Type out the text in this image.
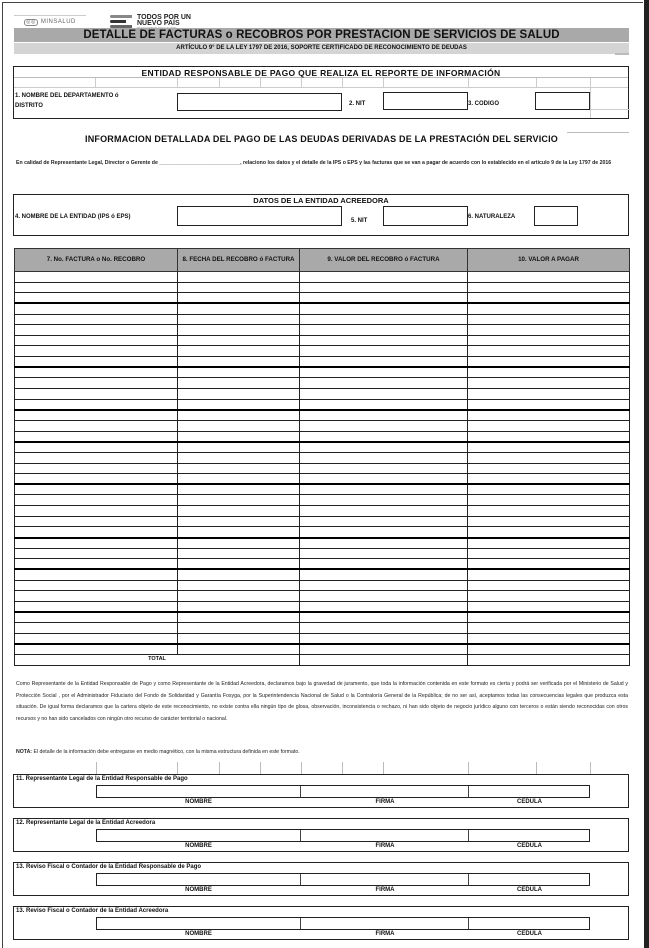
◎◎ MINSALUD
TODOS POR UN
NUEVO PAÍS
DETALLE DE FACTURAS o RECOBROS POR PRESTACION DE SERVICIOS DE SALUD
ARTÍCULO 9° DE LA LEY 1797 DE 2016, SOPORTE CERTIFICADO DE RECONOCIMIENTO DE DEUDAS
ENTIDAD RESPONSABLE DE PAGO QUE REALIZA EL REPORTE DE INFORMACIÓN
1. NOMBRE DEL DEPARTAMENTO ó
DISTRITO	2. NIT	3. CODIGO
INFORMACION DETALLADA DEL PAGO DE LAS DEUDAS DERIVADAS DE LA PRESTACIÓN DEL SERVICIO
En calidad de Representante Legal, Director o Gerente de ____________________________, relaciono los datos y el detalle de la IPS o EPS y las facturas que se van a pagar de acuerdo con lo establecido en el artículo 9 de la Ley 1797 de 2016
DATOS DE LA ENTIDAD ACREEDORA
4. NOMBRE DE LA ENTIDAD (IPS ó EPS)
5. NIT
6. NATURALEZA
7. No. FACTURA o No. RECOBRO	8. FECHA DEL RECOBRO ó FACTURA	9. VALOR DEL RECOBRO ó FACTURA	10. VALOR A PAGAR

TOTAL			
Como Representante de la Entidad Responsable de Pago y como Representante de la Entidad Acreedora, declaramos bajo la gravedad de juramento, que toda la información contenida en este formato es cierta y podrá ser verificada por el Ministerio de Salud y Protección Social , por el Administrador Fiduciario del Fondo de Solidaridad y Garantía Fosyga, por la Superintendencia Nacional de Salud o la Contraloría General de la República; de no ser así, aceptamos todas las consecuencias legales que produzca esta situación. De igual forma declaramos que la cartera objeto de este reconocimiento, no existe contra ella ningún tipo de glosa, observación, inconsistencia o rechazo, ni han sido objeto de negocio jurídico alguno con terceros o están siendo reconocidas con otros recursos y no han sido cancelados con ningún otro recurso de carácter territorial o nacional.
NOTA: El detalle de la información debe entregarse en medio magnético, con la misma estructura definida en este formato.
11. Representante Legal de la Entidad Responsable de Pago
NOMBRE	FIRMA	CEDULA
12. Representante Legal de la Entidad Acreedora
NOMBRE	FIRMA	CEDULA
13. Reviso Fiscal o Contador de la Entidad Responsable de Pago
NOMBRE	FIRMA	CEDULA
13. Reviso Fiscal o Contador de la Entidad Acreedora
NOMBRE	FIRMA	CEDULA
